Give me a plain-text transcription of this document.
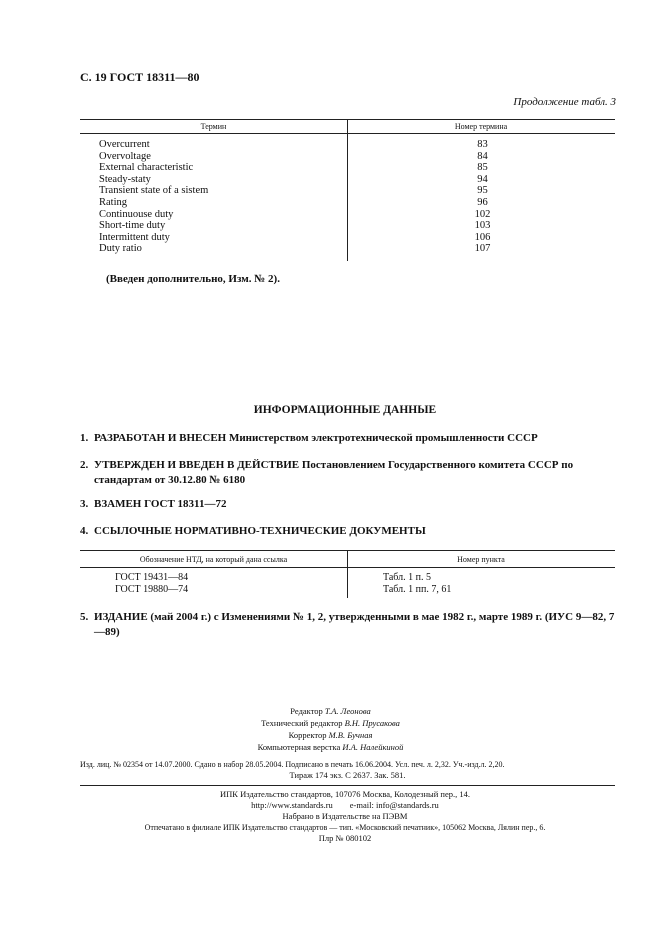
С. 19 ГОСТ 18311—80
Продолжение табл. 3
Термин	Номер термина
Overcurrent	83
Overvoltage	84
External characteristic	85
Steady-staty	94
Transient state of a sistem	95
Rating	96
Continuouse duty	102
Short-time duty	103
Intermittent duty	106
Duty ratio	107
(Введен дополнительно, Изм. № 2).
ИНФОРМАЦИОННЫЕ ДАННЫЕ
1. РАЗРАБОТАН И ВНЕСЕН Министерством электротехнической промышленности СССР
2. УТВЕРЖДЕН И ВВЕДЕН В ДЕЙСТВИЕ Постановлением Государственного комитета СССР по стандартам от 30.12.80 № 6180
3. ВЗАМЕН ГОСТ 18311—72
4. ССЫЛОЧНЫЕ НОРМАТИВНО-ТЕХНИЧЕСКИЕ ДОКУМЕНТЫ
Обозначение НТД, на который дана ссылка	Номер пункта
ГОСТ 19431—84	Табл. 1 п. 5
ГОСТ 19880—74	Табл. 1 пп. 7, 61
5. ИЗДАНИЕ (май 2004 г.) с Изменениями № 1, 2, утвержденными в мае 1982 г., марте 1989 г. (ИУС 9—82, 7—89)
Редактор Т.А. Леонова
Технический редактор В.Н. Прусакова
Корректор М.В. Бучная
Компьютерная верстка И.А. Налейкиной
Изд. лиц. № 02354 от 14.07.2000. Сдано в набор 28.05.2004. Подписано в печать 16.06.2004. Усл. печ. л. 2,32. Уч.-изд.л. 2,20.
Тираж 174 экз. С 2637. Зак. 581.
ИПК Издательство стандартов, 107076 Москва, Колодезный пер., 14.
http://www.standards.ru        e-mail: info@standards.ru
Набрано в Издательстве на ПЭВМ
Отпечатано в филиале ИПК Издательство стандартов — тип. «Московский печатник», 105062 Москва, Лялин пер., 6.
Плр № 080102
